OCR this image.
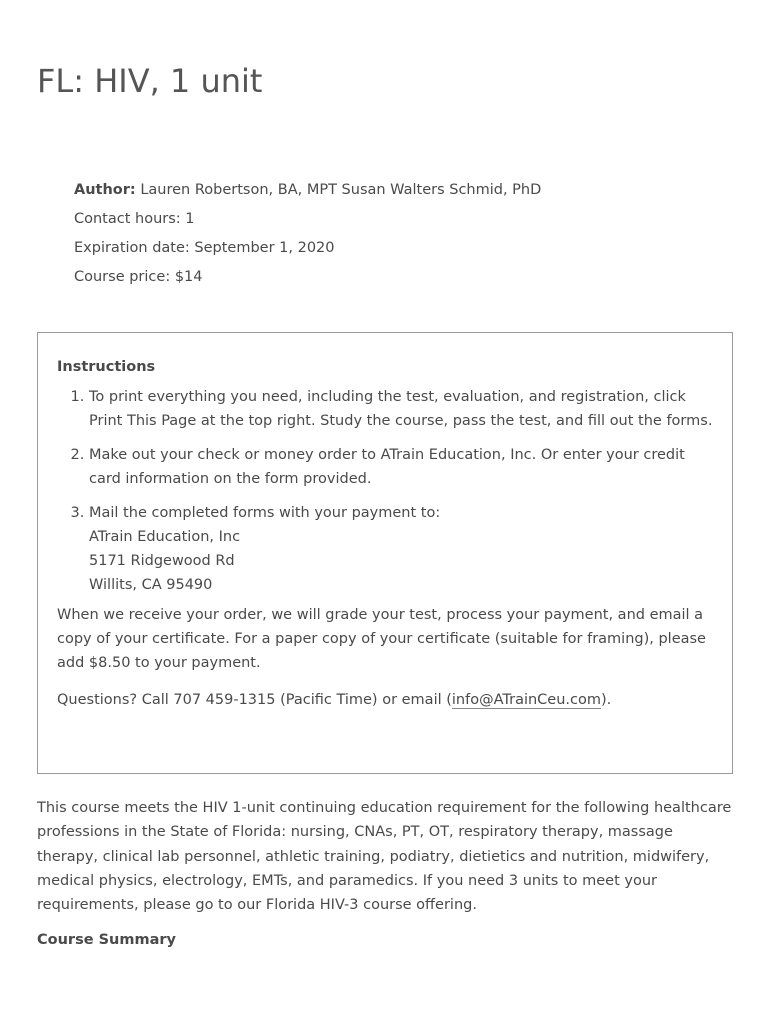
FL: HIV, 1 unit
Author: Lauren Robertson, BA, MPT Susan Walters Schmid, PhD
Contact hours: 1
Expiration date: September 1, 2020
Course price: $14
Instructions
1. To print everything you need, including the test, evaluation, and registration, click Print This Page at the top right. Study the course, pass the test, and fill out the forms.
2. Make out your check or money order to ATrain Education, Inc. Or enter your credit card information on the form provided.
3. Mail the completed forms with your payment to:
ATrain Education, Inc
5171 Ridgewood Rd
Willits, CA 95490

When we receive your order, we will grade your test, process your payment, and email a copy of your certificate. For a paper copy of your certificate (suitable for framing), please add $8.50 to your payment.

Questions? Call 707 459-1315 (Pacific Time) or email (info@ATrainCeu.com).

This course meets the HIV 1-unit continuing education requirement for the following healthcare professions in the State of Florida: nursing, CNAs, PT, OT, respiratory therapy, massage therapy, clinical lab personnel, athletic training, podiatry, dietietics and nutrition, midwifery, medical physics, electrology, EMTs, and paramedics. If you need 3 units to meet your requirements, please go to our Florida HIV-3 course offering.

Course Summary
